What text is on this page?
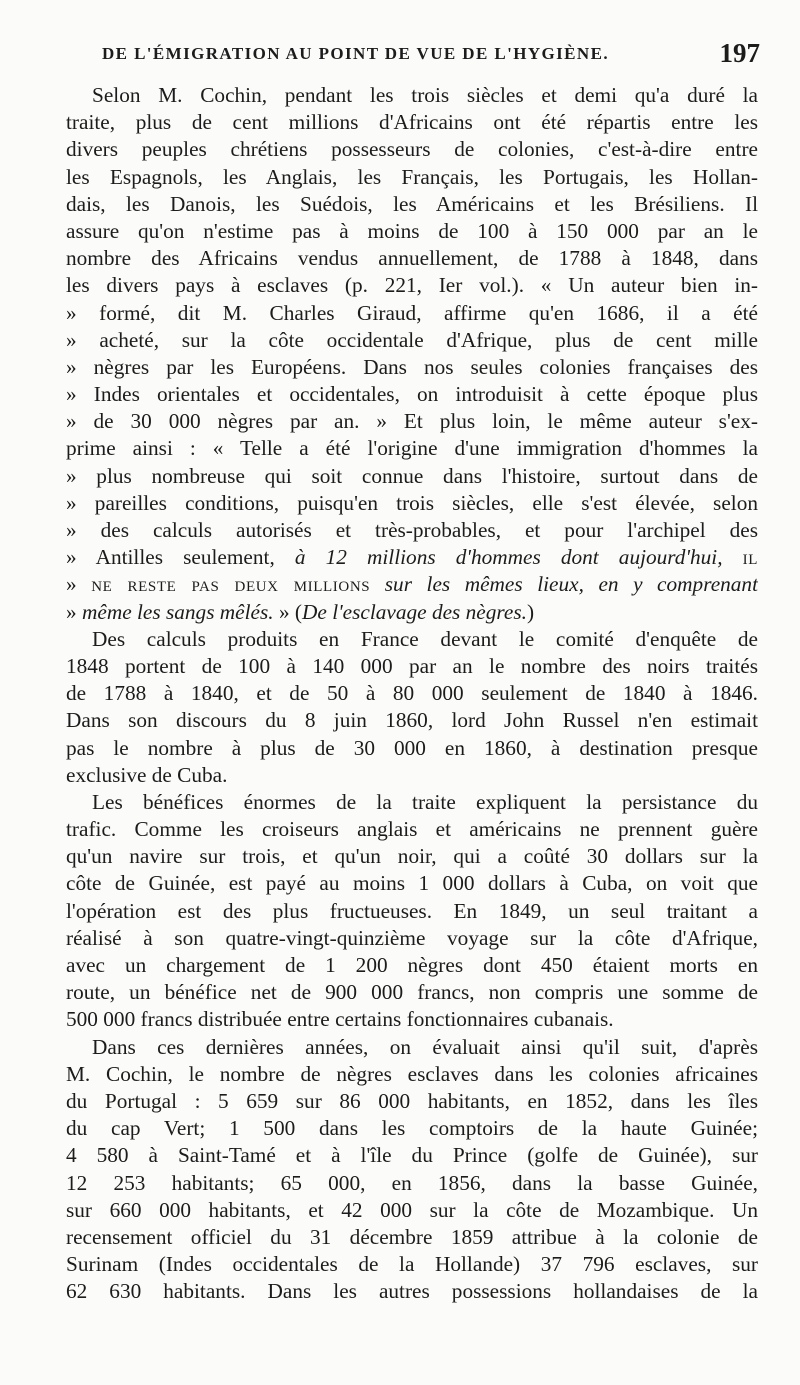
DE L'ÉMIGRATION AU POINT DE VUE DE L'HYGIÈNE.	197
Selon M. Cochin, pendant les trois siècles et demi qu'a duré la
traite, plus de cent millions d'Africains ont été répartis entre les
divers peuples chrétiens possesseurs de colonies, c'est-à-dire entre
les Espagnols, les Anglais, les Français, les Portugais, les Hollan-
dais, les Danois, les Suédois, les Américains et les Brésiliens. Il
assure qu'on n'estime pas à moins de 100 à 150 000 par an le
nombre des Africains vendus annuellement, de 1788 à 1848, dans
les divers pays à esclaves (p. 221, Ier vol.). « Un auteur bien in-
» formé, dit M. Charles Giraud, affirme qu'en 1686, il a été
» acheté, sur la côte occidentale d'Afrique, plus de cent mille
» nègres par les Européens. Dans nos seules colonies françaises des
» Indes orientales et occidentales, on introduisit à cette époque plus
» de 30 000 nègres par an. » Et plus loin, le même auteur s'ex-
prime ainsi : « Telle a été l'origine d'une immigration d'hommes la
» plus nombreuse qui soit connue dans l'histoire, surtout dans de
» pareilles conditions, puisqu'en trois siècles, elle s'est élevée, selon
» des calculs autorisés et très-probables, et pour l'archipel des
» Antilles seulement, à 12 millions d'hommes dont aujourd'hui, il
» ne reste pas deux millions sur les mêmes lieux, en y comprenant
» même les sangs mêlés. » (De l'esclavage des nègres.)
Des calculs produits en France devant le comité d'enquête de
1848 portent de 100 à 140 000 par an le nombre des noirs traités
de 1788 à 1840, et de 50 à 80 000 seulement de 1840 à 1846.
Dans son discours du 8 juin 1860, lord John Russel n'en estimait
pas le nombre à plus de 30 000 en 1860, à destination presque
exclusive de Cuba.
Les bénéfices énormes de la traite expliquent la persistance du
trafic. Comme les croiseurs anglais et américains ne prennent guère
qu'un navire sur trois, et qu'un noir, qui a coûté 30 dollars sur la
côte de Guinée, est payé au moins 1 000 dollars à Cuba, on voit que
l'opération est des plus fructueuses. En 1849, un seul traitant a
réalisé à son quatre-vingt-quinzième voyage sur la côte d'Afrique,
avec un chargement de 1 200 nègres dont 450 étaient morts en
route, un bénéfice net de 900 000 francs, non compris une somme de
500 000 francs distribuée entre certains fonctionnaires cubanais.
Dans ces dernières années, on évaluait ainsi qu'il suit, d'après
M. Cochin, le nombre de nègres esclaves dans les colonies africaines
du Portugal : 5 659 sur 86 000 habitants, en 1852, dans les îles
du cap Vert; 1 500 dans les comptoirs de la haute Guinée;
4 580 à Saint-Tamé et à l'île du Prince (golfe de Guinée), sur
12 253 habitants; 65 000, en 1856, dans la basse Guinée,
sur 660 000 habitants, et 42 000 sur la côte de Mozambique. Un
recensement officiel du 31 décembre 1859 attribue à la colonie de
Surinam (Indes occidentales de la Hollande) 37 796 esclaves, sur
62 630 habitants. Dans les autres possessions hollandaises de la
